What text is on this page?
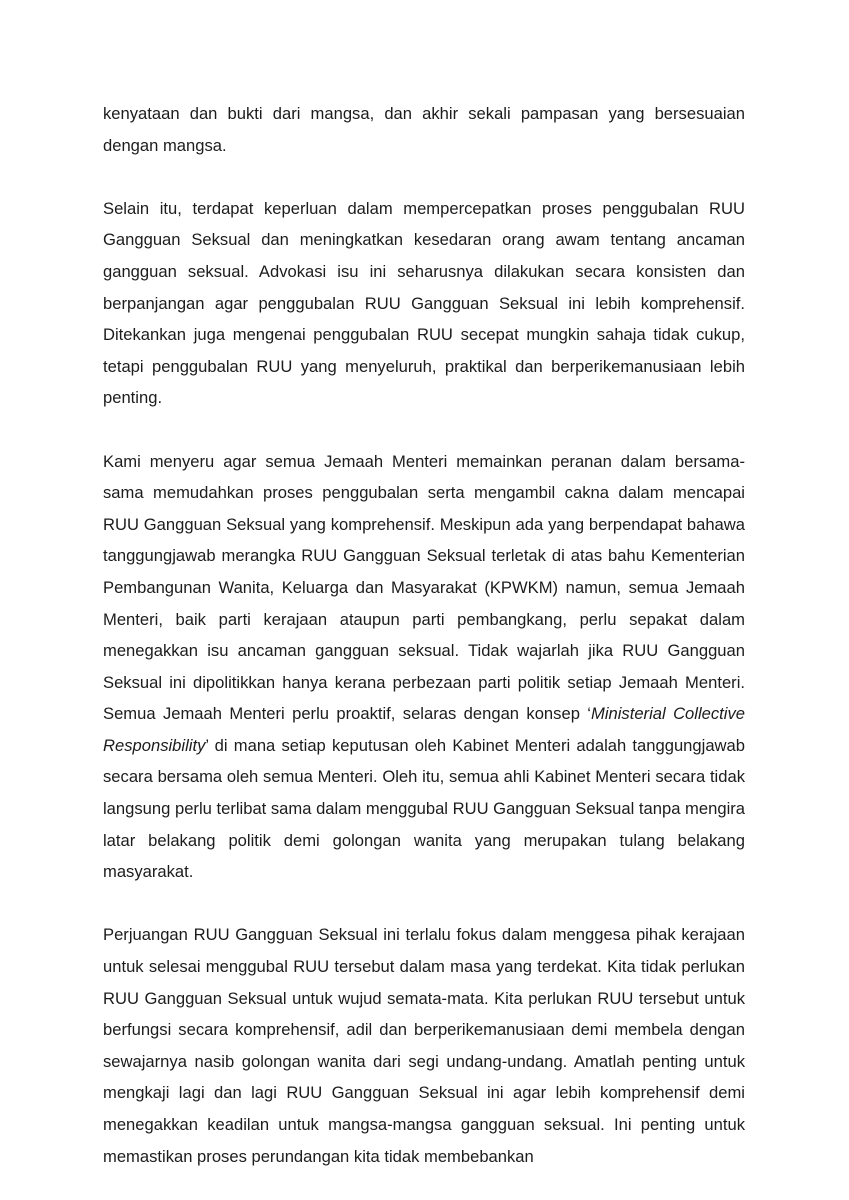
kenyataan dan bukti dari mangsa, dan akhir sekali pampasan yang bersesuaian dengan mangsa.

Selain itu, terdapat keperluan dalam mempercepatkan proses penggubalan RUU Gangguan Seksual dan meningkatkan kesedaran orang awam tentang ancaman gangguan seksual. Advokasi isu ini seharusnya dilakukan secara konsisten dan berpanjangan agar penggubalan RUU Gangguan Seksual ini lebih komprehensif. Ditekankan juga mengenai penggubalan RUU secepat mungkin sahaja tidak cukup, tetapi penggubalan RUU yang menyeluruh, praktikal dan berperikemanusiaan lebih penting.

Kami menyeru agar semua Jemaah Menteri memainkan peranan dalam bersama-sama memudahkan proses penggubalan serta mengambil cakna dalam mencapai RUU Gangguan Seksual yang komprehensif. Meskipun ada yang berpendapat bahawa tanggungjawab merangka RUU Gangguan Seksual terletak di atas bahu Kementerian Pembangunan Wanita, Keluarga dan Masyarakat (KPWKM) namun, semua Jemaah Menteri, baik parti kerajaan ataupun parti pembangkang, perlu sepakat dalam menegakkan isu ancaman gangguan seksual. Tidak wajarlah jika RUU Gangguan Seksual ini dipolitikkan hanya kerana perbezaan parti politik setiap Jemaah Menteri. Semua Jemaah Menteri perlu proaktif, selaras dengan konsep ‘Ministerial Collective Responsibility’ di mana setiap keputusan oleh Kabinet Menteri adalah tanggungjawab secara bersama oleh semua Menteri. Oleh itu, semua ahli Kabinet Menteri secara tidak langsung perlu terlibat sama dalam menggubal RUU Gangguan Seksual tanpa mengira latar belakang politik demi golongan wanita yang merupakan tulang belakang masyarakat.

Perjuangan RUU Gangguan Seksual ini terlalu fokus dalam menggesa pihak kerajaan untuk selesai menggubal RUU tersebut dalam masa yang terdekat. Kita tidak perlukan RUU Gangguan Seksual untuk wujud semata-mata. Kita perlukan RUU tersebut untuk berfungsi secara komprehensif, adil dan berperikemanusiaan demi membela dengan sewajarnya nasib golongan wanita dari segi undang-undang. Amatlah penting untuk mengkaji lagi dan lagi RUU Gangguan Seksual ini agar lebih komprehensif demi menegakkan keadilan untuk mangsa-mangsa gangguan seksual. Ini penting untuk memastikan proses perundangan kita tidak membebankan
